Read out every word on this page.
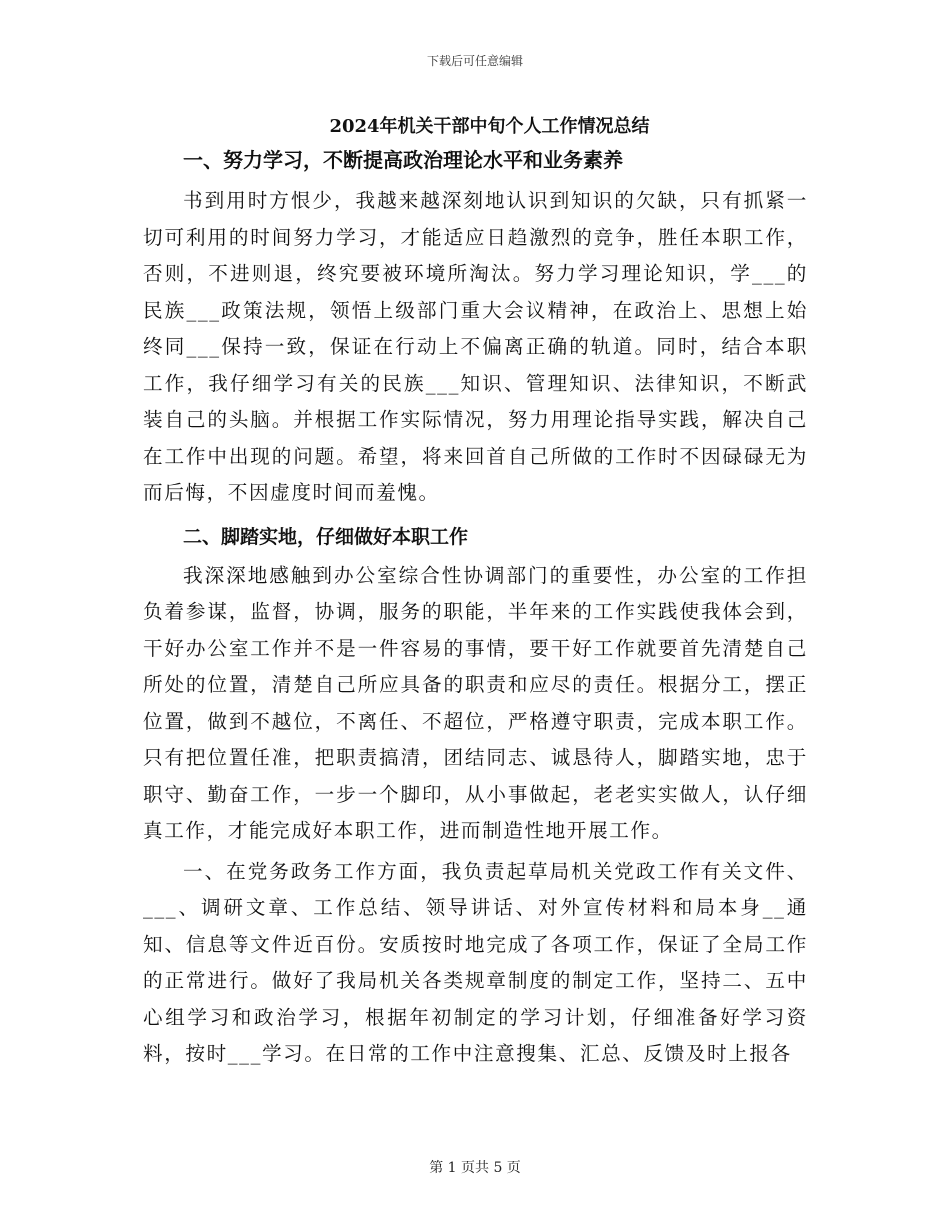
下载后可任意编辑
2024年机关干部中旬个人工作情况总结
一、努力学习，不断提高政治理论水平和业务素养

书到用时方恨少，我越来越深刻地认识到知识的欠缺，只有抓紧一切可利用的时间努力学习，才能适应日趋激烈的竞争，胜任本职工作，否则，不进则退，终究要被环境所淘汰。努力学习理论知识，学___的民族___政策法规，领悟上级部门重大会议精神，在政治上、思想上始终同___保持一致，保证在行动上不偏离正确的轨道。同时，结合本职工作，我仔细学习有关的民族___知识、管理知识、法律知识，不断武装自己的头脑。并根据工作实际情况，努力用理论指导实践，解决自己在工作中出现的问题。希望，将来回首自己所做的工作时不因碌碌无为而后悔，不因虚度时间而羞愧。

二、脚踏实地，仔细做好本职工作

我深深地感触到办公室综合性协调部门的重要性，办公室的工作担负着参谋，监督，协调，服务的职能，半年来的工作实践使我体会到，干好办公室工作并不是一件容易的事情，要干好工作就要首先清楚自己所处的位置，清楚自己所应具备的职责和应尽的责任。根据分工，摆正位置，做到不越位，不离任、不超位，严格遵守职责，完成本职工作。只有把位置任准，把职责搞清，团结同志、诚恳待人，脚踏实地，忠于职守、勤奋工作，一步一个脚印，从小事做起，老老实实做人，认仔细真工作，才能完成好本职工作，进而制造性地开展工作。

一、在党务政务工作方面，我负责起草局机关党政工作有关文件、___、调研文章、工作总结、领导讲话、对外宣传材料和局本身__通知、信息等文件近百份。安质按时地完成了各项工作，保证了全局工作的正常进行。做好了我局机关各类规章制度的制定工作，坚持二、五中心组学习和政治学习，根据年初制定的学习计划，仔细准备好学习资料，按时___学习。在日常的工作中注意搜集、汇总、反馈及时上报各

第 1 页共 5 页
